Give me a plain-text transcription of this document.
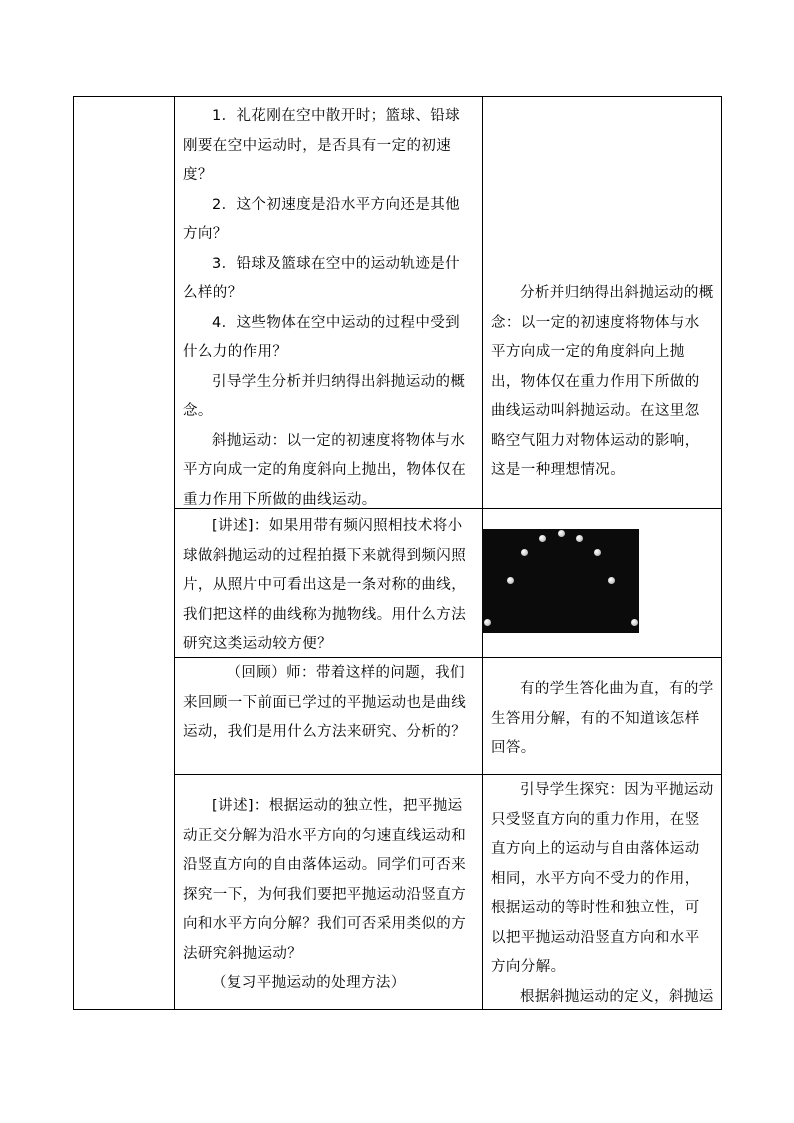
1．礼花刚在空中散开时；篮球、铅球刚要在空中运动时，是否具有一定的初速度？

2．这个初速度是沿水平方向还是其他方向？

3．铅球及篮球在空中的运动轨迹是什么样的？

4．这些物体在空中运动的过程中受到什么力的作用？

引导学生分析并归纳得出斜抛运动的概念。

斜抛运动：以一定的初速度将物体与水平方向成一定的角度斜向上抛出，物体仅在重力作用下所做的曲线运动。

分析并归纳得出斜抛运动的概念：以一定的初速度将物体与水平方向成一定的角度斜向上抛出，物体仅在重力作用下所做的曲线运动叫斜抛运动。在这里忽略空气阻力对物体运动的影响，这是一种理想情况。

[讲述]：如果用带有频闪照相技术将小球做斜抛运动的过程拍摄下来就得到频闪照片，从照片中可看出这是一条对称的曲线，我们把这样的曲线称为抛物线。用什么方法研究这类运动较方便？

（回顾）师：带着这样的问题，我们来回顾一下前面已学过的平抛运动也是曲线运动，我们是用什么方法来研究、分析的？

有的学生答化曲为直，有的学生答用分解，有的不知道该怎样回答。

[讲述]：根据运动的独立性，把平抛运动正交分解为沿水平方向的匀速直线运动和沿竖直方向的自由落体运动。同学们可否来探究一下，为何我们要把平抛运动沿竖直方向和水平方向分解？我们可否采用类似的方法研究斜抛运动？

（复习平抛运动的处理方法）

引导学生探究：因为平抛运动只受竖直方向的重力作用，在竖直方向上的运动与自由落体运动相同，水平方向不受力的作用，根据运动的等时性和独立性，可以把平抛运动沿竖直方向和水平方向分解。

根据斜抛运动的定义，斜抛运
